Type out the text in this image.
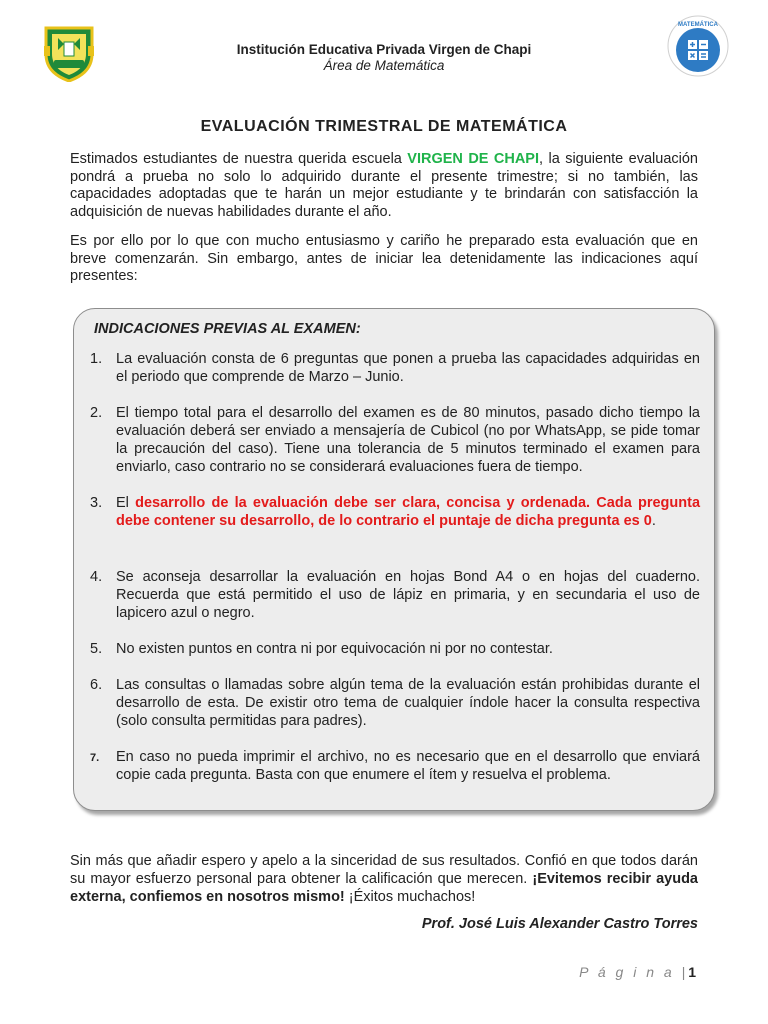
Institución Educativa Privada Virgen de Chapi
Área de Matemática
MATEMÁTICA
EVALUACIÓN TRIMESTRAL DE MATEMÁTICA
Estimados estudiantes de nuestra querida escuela VIRGEN DE CHAPI, la siguiente evaluación pondrá a prueba no solo lo adquirido durante el presente trimestre; si no también, las capacidades adoptadas que te harán un mejor estudiante y te brindarán con satisfacción la adquisición de nuevas habilidades durante el año.
Es por ello por lo que con mucho entusiasmo y cariño he preparado esta evaluación que en breve comenzarán. Sin embargo, antes de iniciar lea detenidamente las indicaciones aquí presentes:
INDICACIONES PREVIAS AL EXAMEN:
1. La evaluación consta de 6 preguntas que ponen a prueba las capacidades adquiridas en el periodo que comprende de Marzo – Junio.
2. El tiempo total para el desarrollo del examen es de 80 minutos, pasado dicho tiempo la evaluación deberá ser enviado a mensajería de Cubicol (no por WhatsApp, se pide tomar la precaución del caso). Tiene una tolerancia de 5 minutos terminado el examen para enviarlo, caso contrario no se considerará evaluaciones fuera de tiempo.
3. El desarrollo de la evaluación debe ser clara, concisa y ordenada. Cada pregunta debe contener su desarrollo, de lo contrario el puntaje de dicha pregunta es 0.
4. Se aconseja desarrollar la evaluación en hojas Bond A4 o en hojas del cuaderno. Recuerda que está permitido el uso de lápiz en primaria, y en secundaria el uso de lapicero azul o negro.
5. No existen puntos en contra ni por equivocación ni por no contestar.
6. Las consultas o llamadas sobre algún tema de la evaluación están prohibidas durante el desarrollo de esta. De existir otro tema de cualquier índole hacer la consulta respectiva (solo consulta permitidas para padres).
7.	En caso no pueda imprimir el archivo, no es necesario que en el desarrollo que enviará copie cada pregunta. Basta con que enumere el ítem y resuelva el problema.
Sin más que añadir espero y apelo a la sinceridad de sus resultados. Confió en que todos darán su mayor esfuerzo personal para obtener la calificación que merecen. ¡Evitemos recibir ayuda externa, confiemos en nosotros mismo! ¡Éxitos muchachos!
Prof. José Luis Alexander Castro Torres
P á g i n a |1
